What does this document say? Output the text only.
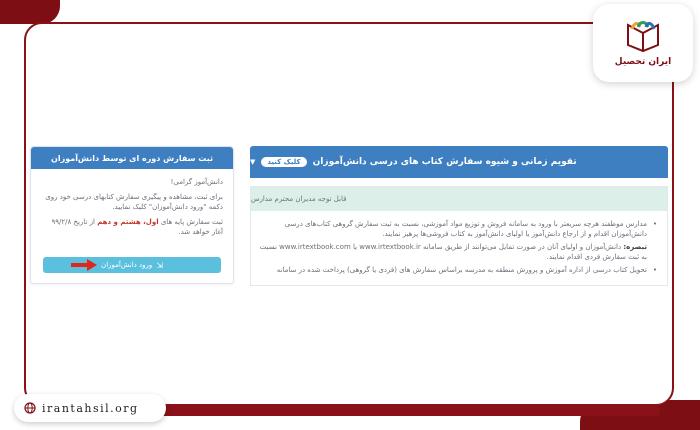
ایران تحصیل
تقویم زمانی و شیوه سفارش کتاب های درسی دانش‌آموزان
کلیک کنید
▼
قابل توجه مدیران محترم مدارس
• مدارس موظفند هرچه سریعتر با ورود به سامانه فروش و توزیع مواد آموزشی، نسبت به ثبت سفارش گروهی کتاب‌های درسی دانش‌آموزان اقدام و از ارجاع دانش‌آموز یا اولیای دانش‌آموز به کتاب فروشی‌ها پرهیز نمایند.
تبصره: دانش‌آموزان و اولیای آنان در صورت تمایل می‌توانند از طریق سامانه www.irtextbook.ir یا www.irtextbook.com نسبت به ثبت سفارش فردی اقدام نمایند.
• تحویل کتاب درسی از اداره آموزش و پرورش منطقه به مدرسه براساس سفارش های (فردی یا گروهی) پرداخت شده در سامانه
ثبت سفارش دوره ای توسط دانش‌آموزان

دانش‌آموز گرامی!

برای ثبت، مشاهده و پیگیری سفارش کتابهای درسی خود روی دکمه "ورود دانش‌آموزان" کلیک نمایید.

ثبت سفارش پایه های اول، هشتم و دهم از تاریخ ۹۹/۲/۸ آغاز خواهد شد.

⇲
ورود دانش‌آموزان
irantahsil.org
